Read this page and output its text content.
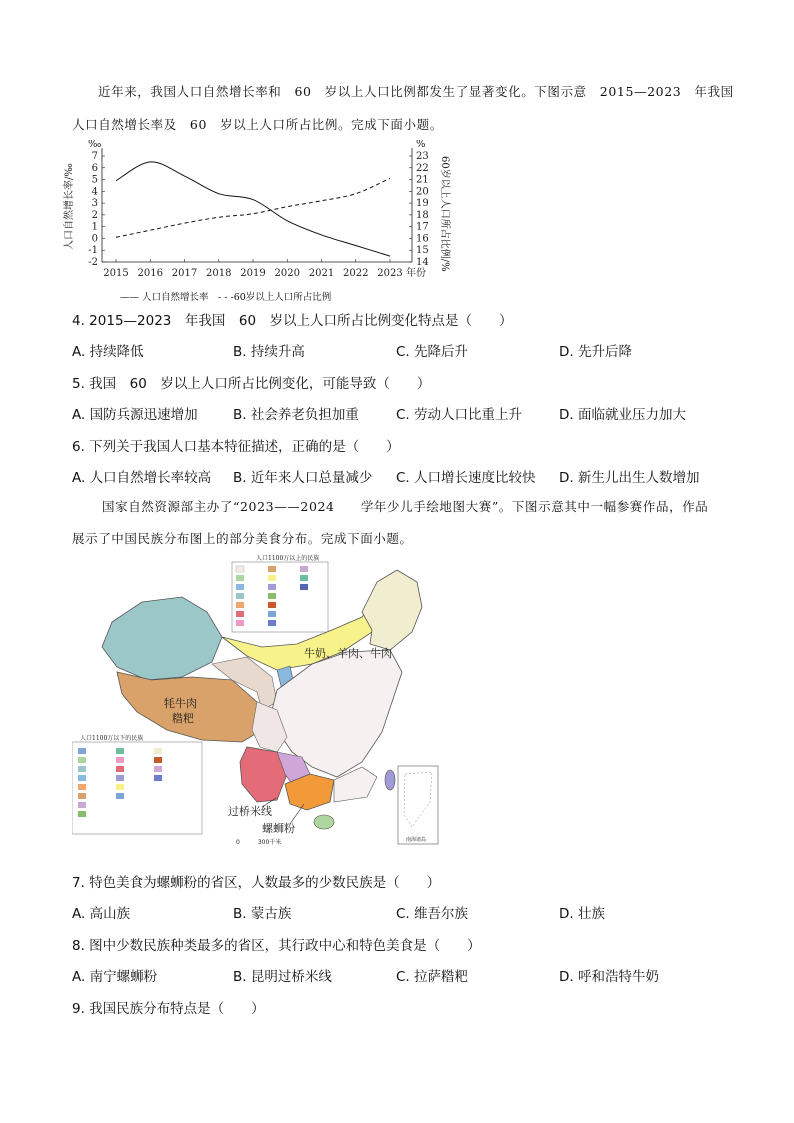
近年来，我国人口自然增长率和　60　岁以上人口比例都发生了显著变化。下图示意　2015—2023　年我国
人口自然增长率及　60　岁以上人口所占比例。完成下面小题。
‰	%
-2
-1
0
1
2
3
4
5
6
7
14
15
16
17
18
19
20
21
22
23
2015 2016 2017 2018 2019 2020 2021 2022 2023 年份
人口自然增长率/‰	60岁以上人口所占比例/%
—— 人口自然增长率　- - -60岁以上人口所占比例
4. 2015—2023　年我国　60　岁以上人口所占比例变化特点是（　　）
A. 持续降低	B. 持续升高	C. 先降后升	D. 先升后降
5. 我国　60　岁以上人口所占比例变化，可能导致（　　）
A. 国防兵源迅速增加	B. 社会养老负担加重	C. 劳动人口比重上升	D. 面临就业压力加大
6. 下列关于我国人口基本特征描述，正确的是（　　）
A. 人口自然增长率较高 B. 近年来人口总量减少 C. 人口增长速度比较快 D. 新生儿出生人数增加
国家自然资源部主办了“2023——2024　　学年少儿手绘地图大赛”。下图示意其中一幅参赛作品，作品
展示了中国民族分布图上的部分美食分布。完成下面小题。
人口1100万以上的民族
人口1100万以下的民族
南海诸岛
牛奶、羊肉、牛肉
牦牛肉
糌粑
过桥米线
螺蛳粉
0　　　300千米
7. 特色美食为螺蛳粉的省区，人数最多的少数民族是（　　）
A. 高山族	B. 蒙古族	C. 维吾尔族	D. 壮族
8. 图中少数民族种类最多的省区，其行政中心和特色美食是（　　）
A. 南宁螺蛳粉	B. 昆明过桥米线	C. 拉萨糌粑	D. 呼和浩特牛奶
9. 我国民族分布特点是（　　）
